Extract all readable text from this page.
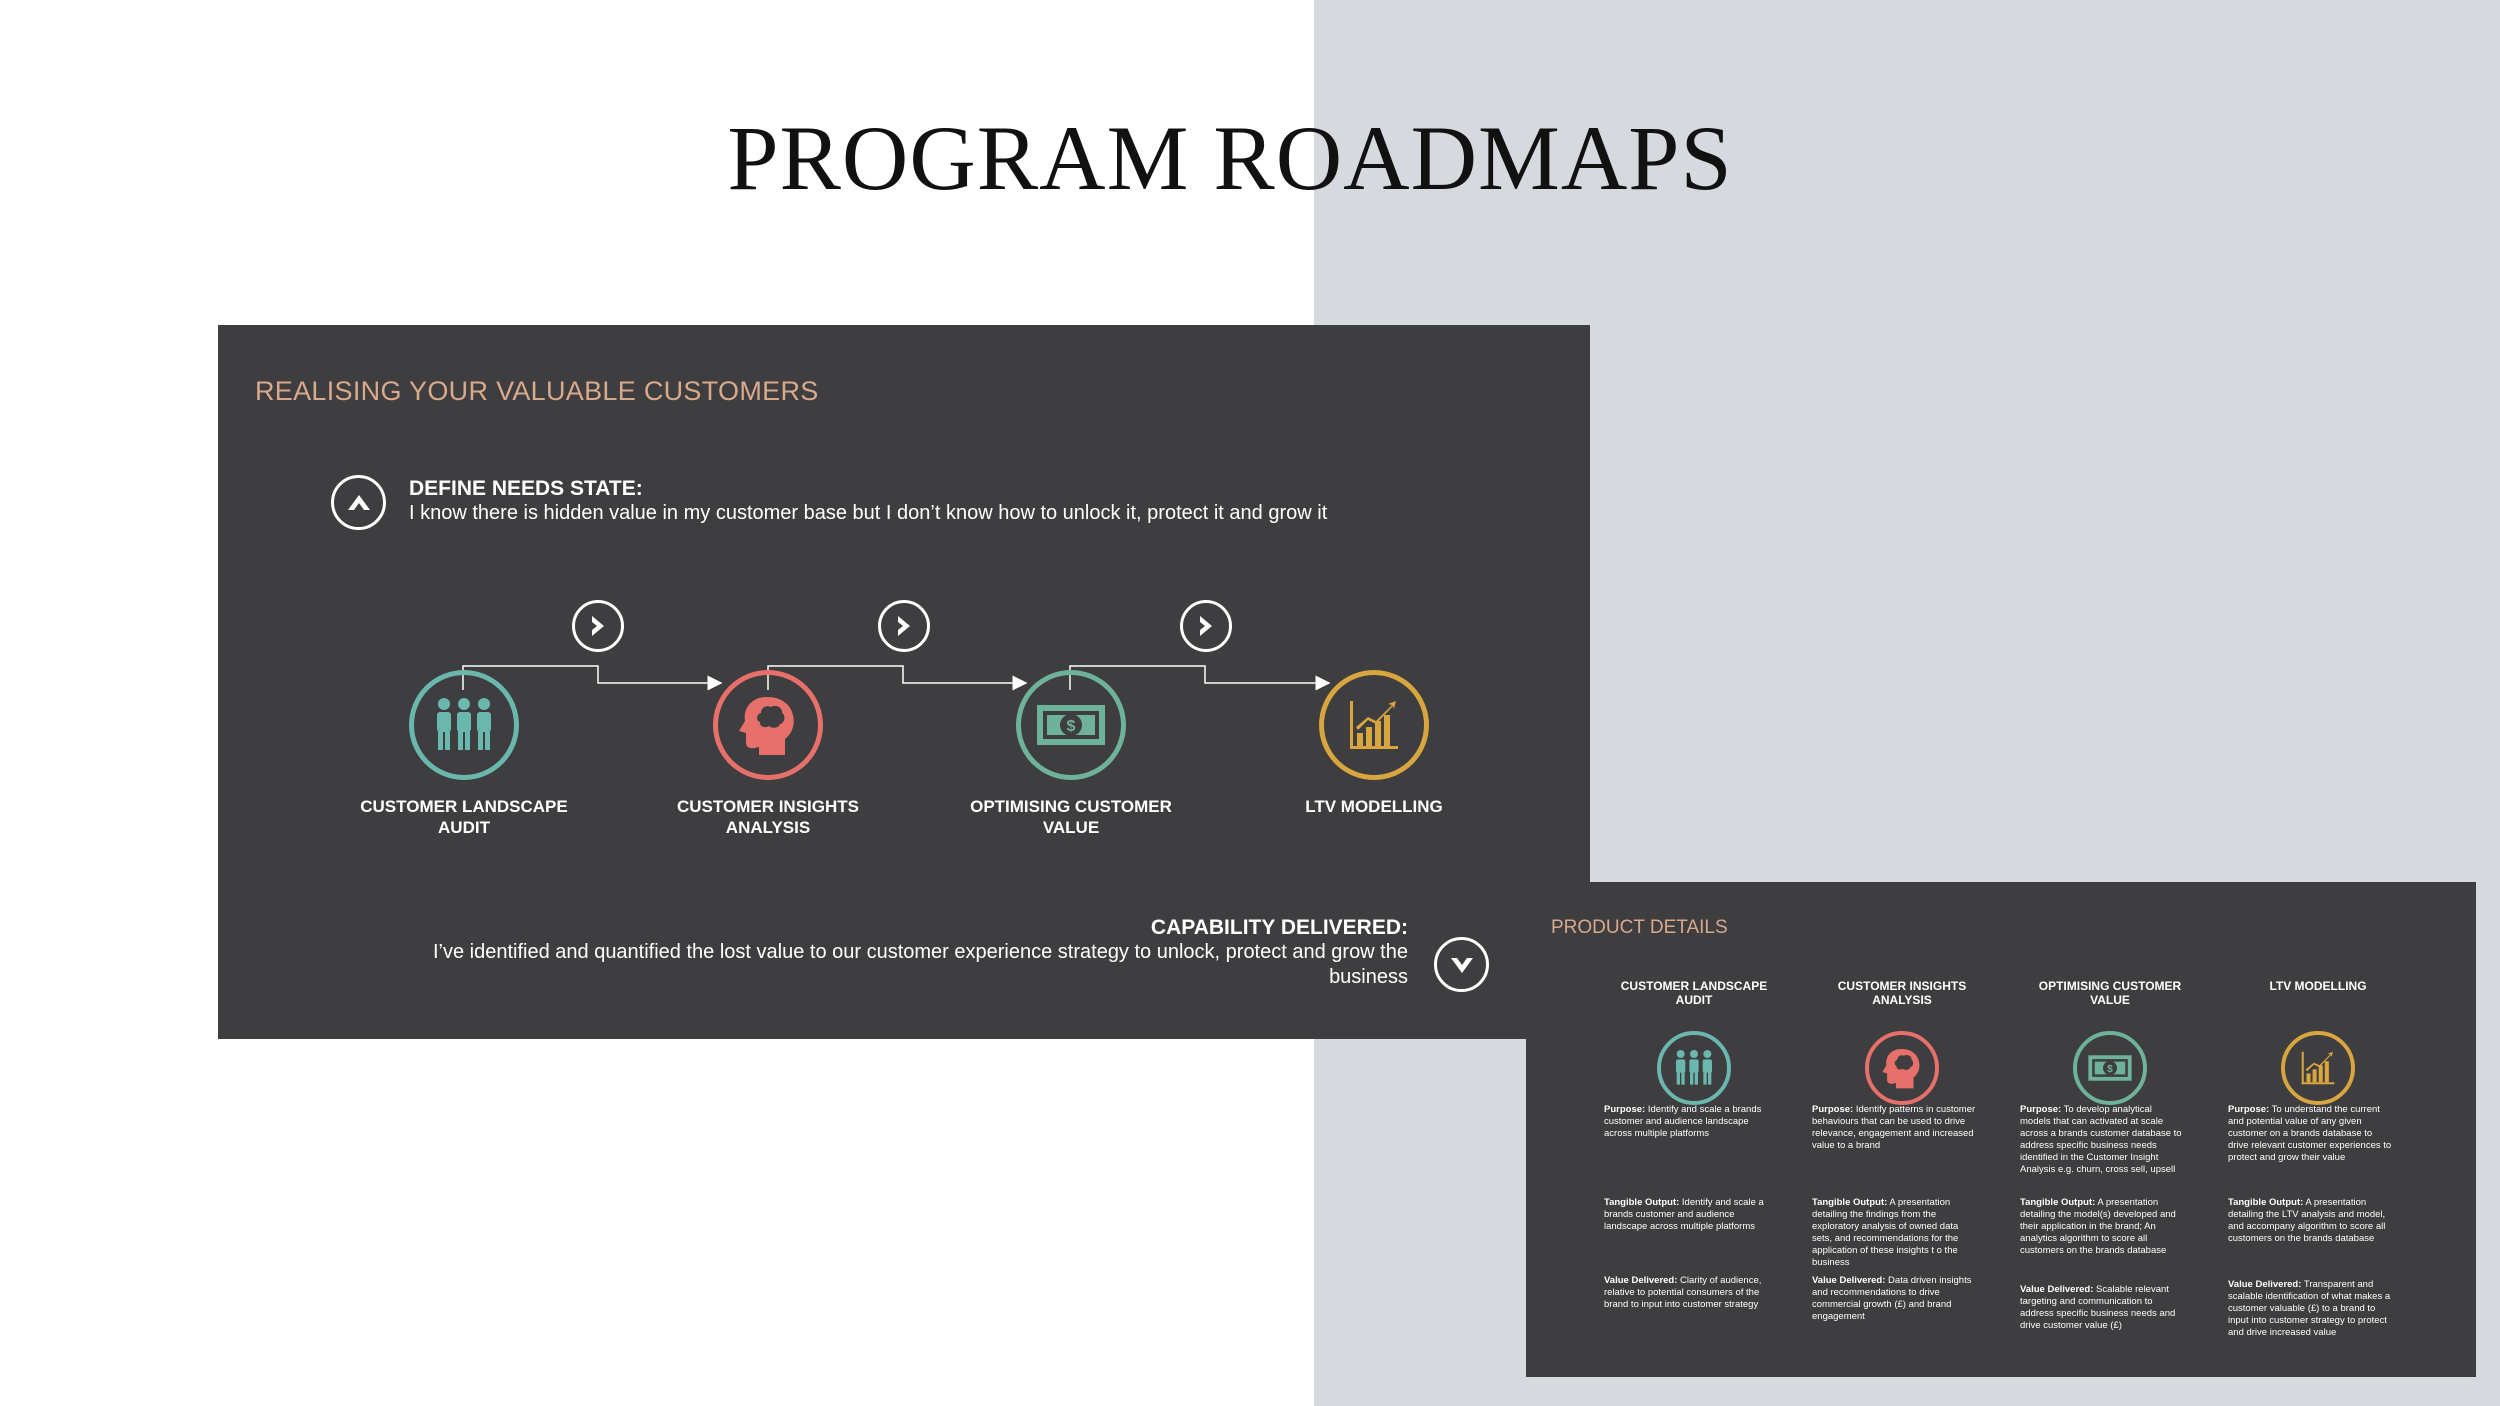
PROGRAM ROADMAPS
REALISING YOUR VALUABLE CUSTOMERS
DEFINE NEEDS STATE:
I know there is hidden value in my customer base but I don’t know how to unlock it, protect it and grow it
CUSTOMER LANDSCAPE AUDIT
CUSTOMER INSIGHTS ANALYSIS
$
OPTIMISING CUSTOMER VALUE
LTV MODELLING
CAPABILITY DELIVERED:
I’ve identified and quantified the lost value to our customer experience strategy to unlock, protect and grow the business
PRODUCT DETAILS
CUSTOMER LANDSCAPE AUDIT
Purpose: Identify and scale a brands customer and audience landscape across multiple platforms
Tangible Output: Identify and scale a brands customer and audience landscape across multiple platforms
Value Delivered: Clarity of audience, relative to potential consumers of the brand to input into customer strategy
CUSTOMER INSIGHTS ANALYSIS
Purpose: Identify patterns in customer behaviours that can be used to drive relevance, engagement and increased value to a brand
Tangible Output: A presentation detailing the findings from the exploratory analysis of owned data sets, and recommendations for the application of these insights t o the business
Value Delivered: Data driven insights and recommendations to drive commercial growth (£) and brand engagement
OPTIMISING CUSTOMER VALUE
$
Purpose: To develop analytical models that can activated at scale across a brands customer database to address specific business needs identified in the Customer Insight Analysis e.g. churn, cross sell, upsell
Tangible Output: A presentation detailing the model(s) developed and their application in the brand; An analytics algorithm to score all customers on the brands database
Value Delivered: Scalable relevant targeting and communication to address specific business needs and drive customer value (£)
LTV MODELLING
Purpose: To understand the current and potential value of any given customer on a brands database to drive relevant customer experiences to protect and grow their value
Tangible Output: A presentation detailing the LTV analysis and model, and accompany algorithm to score all customers on the brands database
Value Delivered: Transparent and scalable identification of what makes a customer valuable (£) to a brand to input into customer strategy to protect and drive increased value
